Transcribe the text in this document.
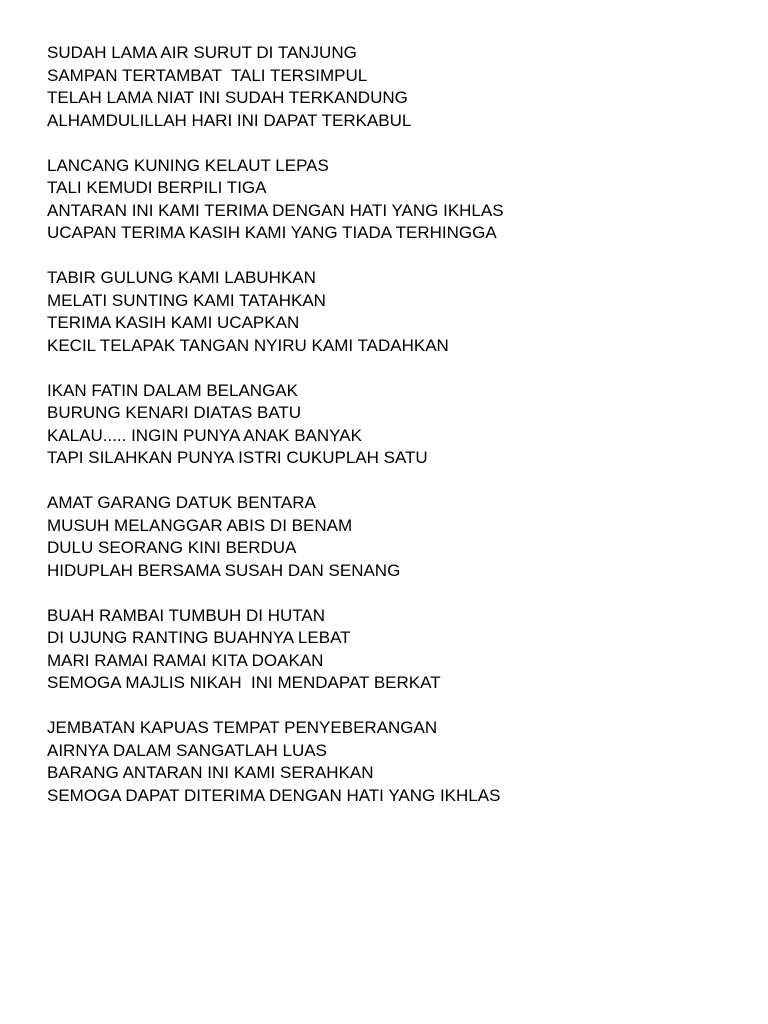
SUDAH LAMA AIR SURUT DI TANJUNG
SAMPAN TERTAMBAT  TALI TERSIMPUL
TELAH LAMA NIAT INI SUDAH TERKANDUNG
ALHAMDULILLAH HARI INI DAPAT TERKABUL
LANCANG KUNING KELAUT LEPAS
TALI KEMUDI BERPILI TIGA
ANTARAN INI KAMI TERIMA DENGAN HATI YANG IKHLAS
UCAPAN TERIMA KASIH KAMI YANG TIADA TERHINGGA
TABIR GULUNG KAMI LABUHKAN
MELATI SUNTING KAMI TATAHKAN
TERIMA KASIH KAMI UCAPKAN
KECIL TELAPAK TANGAN NYIRU KAMI TADAHKAN
IKAN FATIN DALAM BELANGAK
BURUNG KENARI DIATAS BATU
KALAU..... INGIN PUNYA ANAK BANYAK
TAPI SILAHKAN PUNYA ISTRI CUKUPLAH SATU
AMAT GARANG DATUK BENTARA
MUSUH MELANGGAR ABIS DI BENAM
DULU SEORANG KINI BERDUA
HIDUPLAH BERSAMA SUSAH DAN SENANG
BUAH RAMBAI TUMBUH DI HUTAN
DI UJUNG RANTING BUAHNYA LEBAT
MARI RAMAI RAMAI KITA DOAKAN
SEMOGA MAJLIS NIKAH  INI MENDAPAT BERKAT
JEMBATAN KAPUAS TEMPAT PENYEBERANGAN
AIRNYA DALAM SANGATLAH LUAS
BARANG ANTARAN INI KAMI SERAHKAN
SEMOGA DAPAT DITERIMA DENGAN HATI YANG IKHLAS
